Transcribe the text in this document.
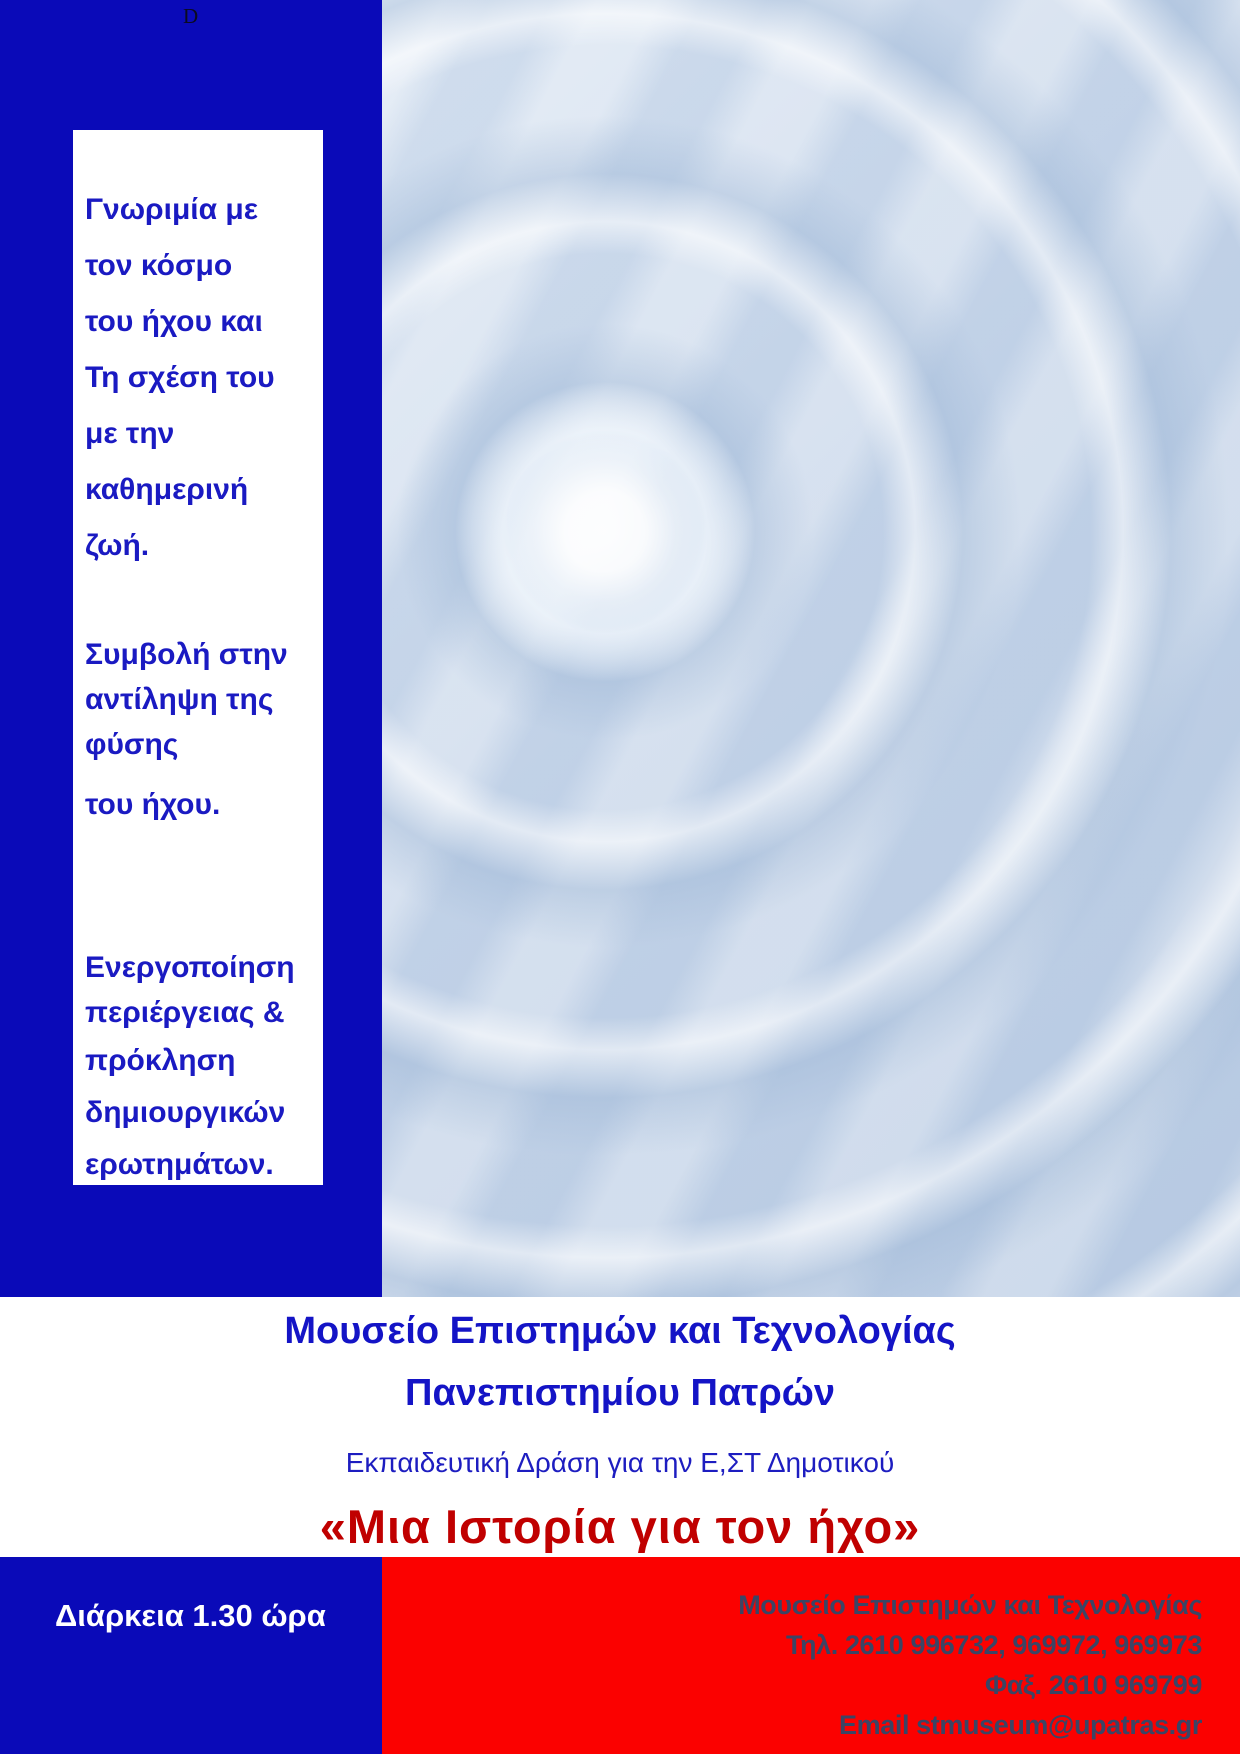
D
Γνωριμία με
τον κόσμο
του ήχου και
Τη σχέση του
με την
καθημερινή
ζωή.
Συμβολή στην
αντίληψη της
φύσης
του ήχου.
Ενεργοποίηση
περιέργειας &
πρόκληση
δημιουργικών
ερωτημάτων.
Μουσείο Επιστημών και Τεχνολογίας
Πανεπιστημίου Πατρών
Εκπαιδευτική Δράση για την Ε,ΣΤ Δημοτικού
«Μια Ιστορία για τον ήχο»
Διάρκεια 1.30 ώρα	Μουσείο Επιστημών και Τεχνολογίας
Τηλ. 2610 996732, 969972, 969973
Φαξ. 2610 969799
Email stmuseum@upatras.gr
